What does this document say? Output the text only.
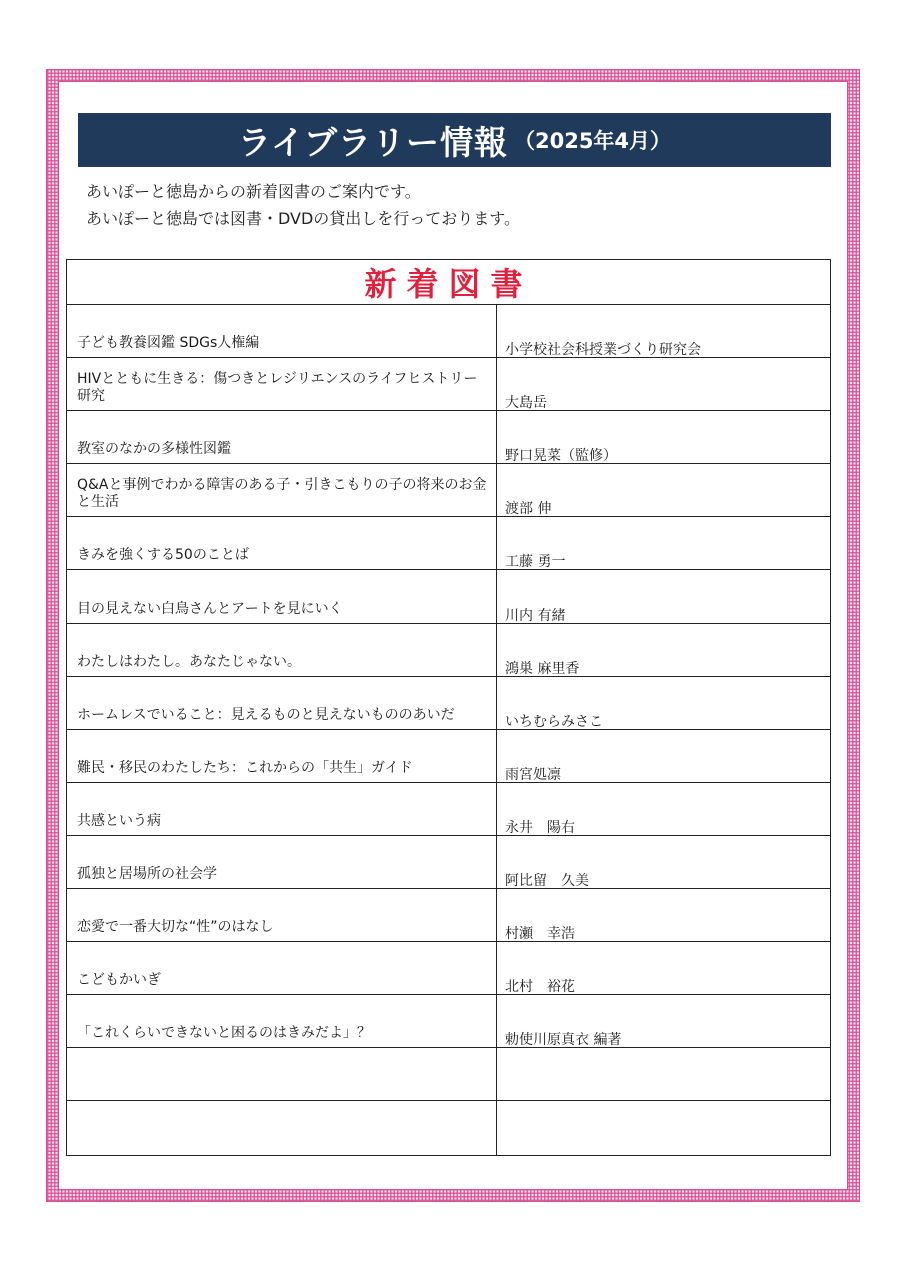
ライブラリー情報 （2025年4月）
あいぽーと徳島からの新着図書のご案内です。
あいぽーと徳島では図書・DVDの貸出しを行っております。
新着図書
子ども教養図鑑 SDGs人権編	小学校社会科授業づくり研究会
HIVとともに生きる：傷つきとレジリエンスのライフヒストリー研究	大島岳
教室のなかの多様性図鑑	野口晃菜（監修）
Q&Aと事例でわかる障害のある子・引きこもりの子の将来のお金と生活	渡部 伸
きみを強くする50のことば	工藤 勇一
目の見えない白鳥さんとアートを見にいく	川内 有緒
わたしはわたし。あなたじゃない。	鴻巣 麻里香
ホームレスでいること：見えるものと見えないもののあいだ	いちむらみさこ
難民・移民のわたしたち：これからの「共生」ガイド	雨宮処凛
共感という病	永井　陽右
孤独と居場所の社会学	阿比留　久美
恋愛で一番大切な“性”のはなし	村瀬　幸浩
こどもかいぎ	北村　裕花
「これくらいできないと困るのはきみだよ」？	勅使川原真衣 編著
